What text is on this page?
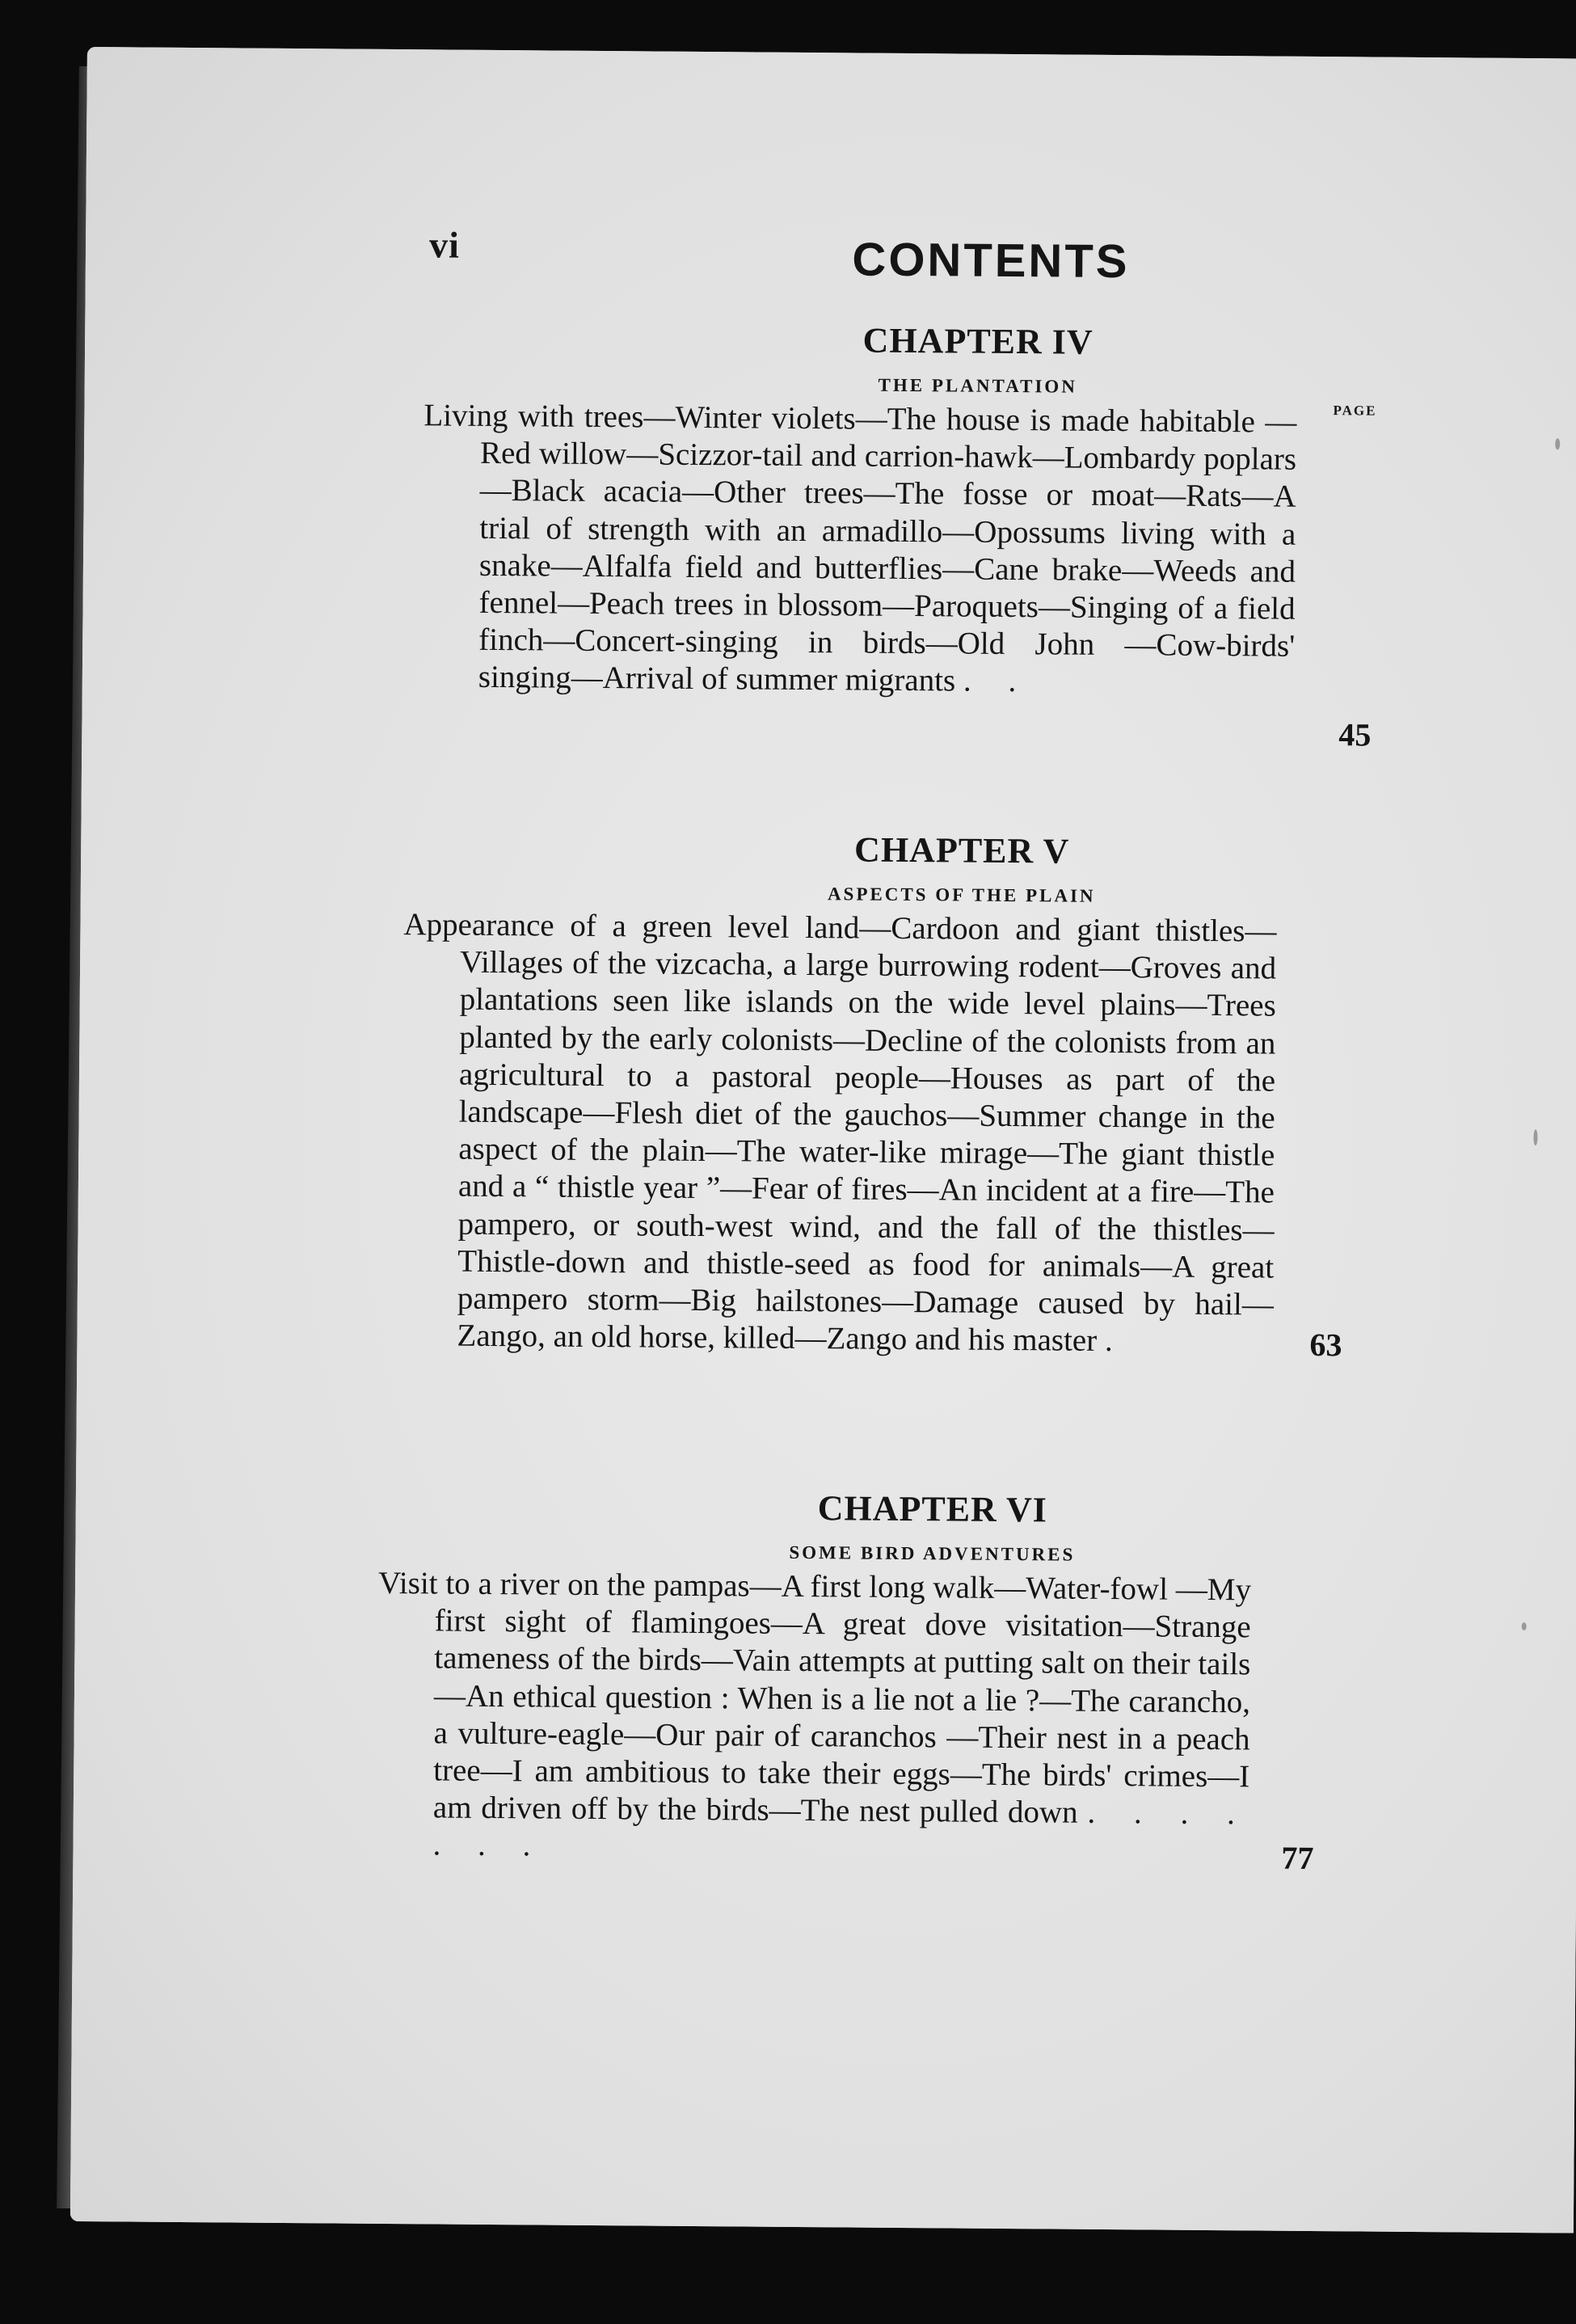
vi	CONTENTS
CHAPTER IV
THE PLANTATION
PAGE
Living with trees—Winter violets—The house is made habitable —Red willow—Scizzor-tail and carrion-hawk—Lombardy poplars—Black acacia—Other trees—The fosse or moat—Rats—A trial of strength with an armadillo—Opossums living with a snake—Alfalfa field and butterflies—Cane brake—Weeds and fennel—Peach trees in blossom—Paroquets—Singing of a field finch—Concert-singing in birds—Old John —Cow-birds' singing—Arrival of summer migrants . .
45
CHAPTER V
ASPECTS OF THE PLAIN
Appearance of a green level land—Cardoon and giant thistles—Villages of the vizcacha, a large burrowing rodent—Groves and plantations seen like islands on the wide level plains—Trees planted by the early colonists—Decline of the colonists from an agricultural to a pastoral people—Houses as part of the landscape—Flesh diet of the gauchos—Summer change in the aspect of the plain—The water-like mirage—The giant thistle and a “ thistle year ”—Fear of fires—An incident at a fire—The pampero, or south-west wind, and the fall of the thistles—Thistle-down and thistle-seed as food for animals—A great pampero storm—Big hailstones—Damage caused by hail—Zango, an old horse, killed—Zango and his master .	63
CHAPTER VI
SOME BIRD ADVENTURES
Visit to a river on the pampas—A first long walk—Water-fowl —My first sight of flamingoes—A great dove visitation—Strange tameness of the birds—Vain attempts at putting salt on their tails—An ethical question : When is a lie not a lie ?—The carancho, a vulture-eagle—Our pair of caranchos —Their nest in a peach tree—I am ambitious to take their eggs—The birds' crimes—I am driven off by the birds—The nest pulled down . . . . . . .	77
